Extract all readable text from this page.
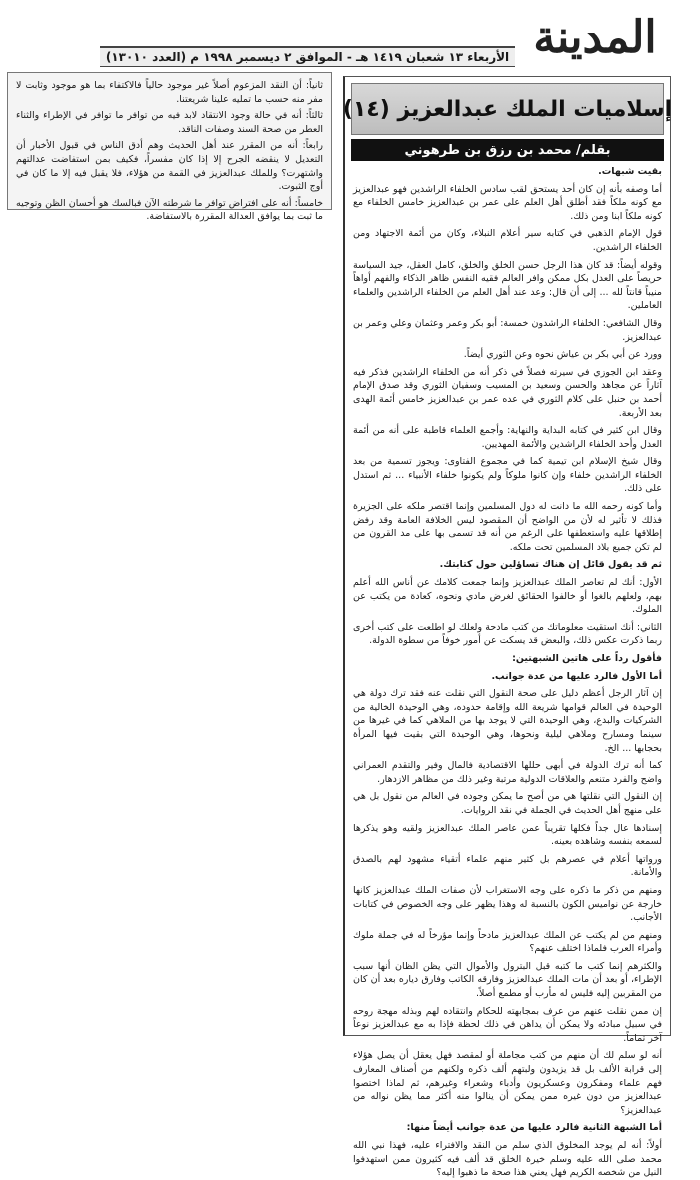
المدينة
الأربعاء ١٣ شعبان ١٤١٩ هـ - الموافق ٢ ديسمبر ١٩٩٨ م (العدد ١٣٠١٠)

ثانياً: أن النقد المزعوم أصلاً غير موجود حالياً فالاكتفاء بما هو موجود وثابت لا مفر منه حسب ما تمليه علينا شريعتنا.

ثالثاً: أنه في حالة وجود الانتقاد لابد فيه من توافر ما توافر في الإطراء والثناء العطر من صحة السند وصفات الناقد.

رابعاً: أنه من المقرر عند أهل الحديث وهم أدق الناس في قبول الأخبار أن التعديل لا ينقضه الجرح إلا إذا كان مفسراً، فكيف بمن استفاضت عدالتهم واشتهرت؟ وللملك عبدالعزيز في القمة من هؤلاء، فلا يقبل فيه إلا ما كان في أوج الثبوت.

خامساً: أنه على افتراض توافر ما شرطته الآن فبالسك هو أحسان الظن وتوجيه ما ثبت بما يوافق العدالة المقررة بالاستفاضة.

إسلاميات الملك عبدالعزيز (١٤)
بقلم/ محمد بن رزق بن طرهوني

بقيت شبهات.

أما وصفه بأنه إن كان أحد يستحق لقب سادس الخلفاء الراشدين فهو عبدالعزيز مع كونه ملكاً فقد أطلق أهل العلم على عمر بن عبدالعزيز خامس الخلفاء مع كونه ملكاً ابنا ومن ذلك.

قول الإمام الذهبي في كتابه سير أعلام النبلاء، وكان من أئمة الاجتهاد ومن الخلفاء الراشدين.

وقوله أيضاً: قد كان هذا الرجل حسن الخلق والخلق، كامل العقل، جيد السياسة حريصاً على العدل بكل ممكن وافر العالم فقيه النفس ظاهر الذكاء والفهم أواهاً منيباً قانتاً لله ... إلى أن قال: وعد عند أهل العلم من الخلفاء الراشدين والعلماء العاملين.

وقال الشافعي: الخلفاء الراشدون خمسة: أبو بكر وعمر وعثمان وعلي وعمر بن عبدالعزيز.

وورد عن أبي بكر بن عياش نحوه وعن الثوري أيضاً.

وعقد ابن الجوزي في سيرته فصلاً في ذكر أنه من الخلفاء الراشدين فذكر فيه آثاراً عن مجاهد والحسن وسعيد بن المسيب وسفيان الثوري وقد صدق الإمام أحمد بن حنبل على كلام الثوري في عده عمر بن عبدالعزيز خامس أئمة الهدى بعد الأربعة.

وقال ابن كثير في كتابه البداية والنهاية: وأجمع العلماء قاطبة على أنه من أئمة العدل وأحد الخلفاء الراشدين والأئمة المهديين.

وقال شيخ الإسلام ابن تيمية كما في مجموع الفتاوى: ويجوز تسمية من بعد الخلفاء الراشدين خلفاء وإن كانوا ملوكاً ولم يكونوا خلفاء الأنبياء ... ثم استدل على ذلك.

وأما كونه رحمه الله ما دانت له دول المسلمين وإنما اقتصر ملكه على الجزيرة فذلك لا تأثير له لأن من الواضح أن المقصود ليس الخلافة العامة وقد رفض إطلاقها عليه واستعطفها على الرغم من أنه قد تسمى بها على مد القرون من لم تكن جميع بلاد المسلمين تحت ملكه.

ثم قد يقول قائل إن هناك تساؤلين حول كتابتك.

الأول: أنك لم تعاصر الملك عبدالعزيز وإنما جمعت كلامك عن أناس الله أعلم بهم، ولعلهم بالغوا أو خالفوا الحقائق لغرض مادي ونحوه، كعادة من يكتب عن الملوك.

الثاني: أنك استقيت معلوماتك من كتب مادحة ولعلك لو اطلعت على كتب أخرى ربما ذكرت عكس ذلك، والبعض قد يسكت عن أمور خوفاً من سطوة الدولة.

فأقول رداً على هاتين الشبهتين:

أما الأول فالرد عليها من عدة جوانب.

إن آثار الرجل أعظم دليل على صحة النقول التي نقلت عنه فقد ترك دولة هي الوحيدة في العالم قوامها شريعة الله وإقامة حدوده، وهي الوحيدة الخالية من الشركيات والبدع، وهي الوحيدة التي لا يوجد بها من الملاهي كما في غيرها من سينما ومسارح وملاهي ليلية ونحوها، وهي الوحيدة التي بقيت فيها المرأة بحجابها ... الخ.

كما أنه ترك الدولة في أبهى حللها الاقتصادية فالمال وفير والتقدم العمراني واضح والفرد متنعم والعلاقات الدولية مرتبة وغير ذلك من مظاهر الازدهار.

إن النقول التي نقلتها هي من أصح ما يمكن وجوده في العالم من نقول بل هي على منهج أهل الحديث في الجملة في نقد الروايات.

إسنادها عال جداً فكلها تقريباً عمن عاصر الملك عبدالعزيز ولقيه وهو يذكرها لسمعه بنفسه وشاهده بعينه.

ورواتها أعلام في عصرهم بل كثير منهم علماء أتقياء مشهود لهم بالصدق والأمانة.

ومنهم من ذكر ما ذكره على وجه الاستغراب لأن صفات الملك عبدالعزيز كانها خارجة عن نواميس الكون بالنسبة له وهذا يظهر على وجه الخصوص في كتابات الأجانب.

ومنهم من لم يكتب عن الملك عبدالعزيز مادحاً وإنما مؤرخاً له في جملة ملوك وأمراء العرب فلماذا اختلف عنهم؟

والكثرهم إنما كتب ما كتبه قبل البترول والأموال التي يظن الظان أنها سبب الإطراء، أو بعد أن مات الملك عبدالعزيز وفارقه الكاتب وفارق دياره بعد أن كان من المقربين إليه فليس له مأرب أو مطمع أصلاً.

إن ممن نقلت عنهم من عرف بمجابهته للحكام وانتقاده لهم وبذله مهجة روحه في سبيل مبادئه ولا يمكن أن يداهن في ذلك لحظة فإذا به مع عبدالعزيز نوعاً آخر تماماً.

أنه لو سلم لك أن منهم من كتب مجاملة أو لمقصد فهل يعقل أن يصل هؤلاء إلى قرابة الألف بل قد يزيدون ولبتهم ألف ذكره ولكنهم من أصناف المعارف فهم علماء ومفكرون وعسكريون وأدباء وشعراء وغيرهم، ثم لماذا اختصوا عبدالعزيز من دون غيره ممن يمكن أن ينالوا منه أكثر مما يظن نواله من عبدالعزيز؟

أما الشبهة الثانية فالرد عليها من عدة جوانب أيضاً منها:

أولاً: أنه لم يوجد المخلوق الذي سلم من النقد والافتراء عليه، فهذا نبي الله محمد صلى الله عليه وسلم خيرة الخلق قد ألف فيه كثيرون ممن استهدفوا النيل من شخصه الكريم فهل يعني هذا صحة ما ذهبوا إليه؟
